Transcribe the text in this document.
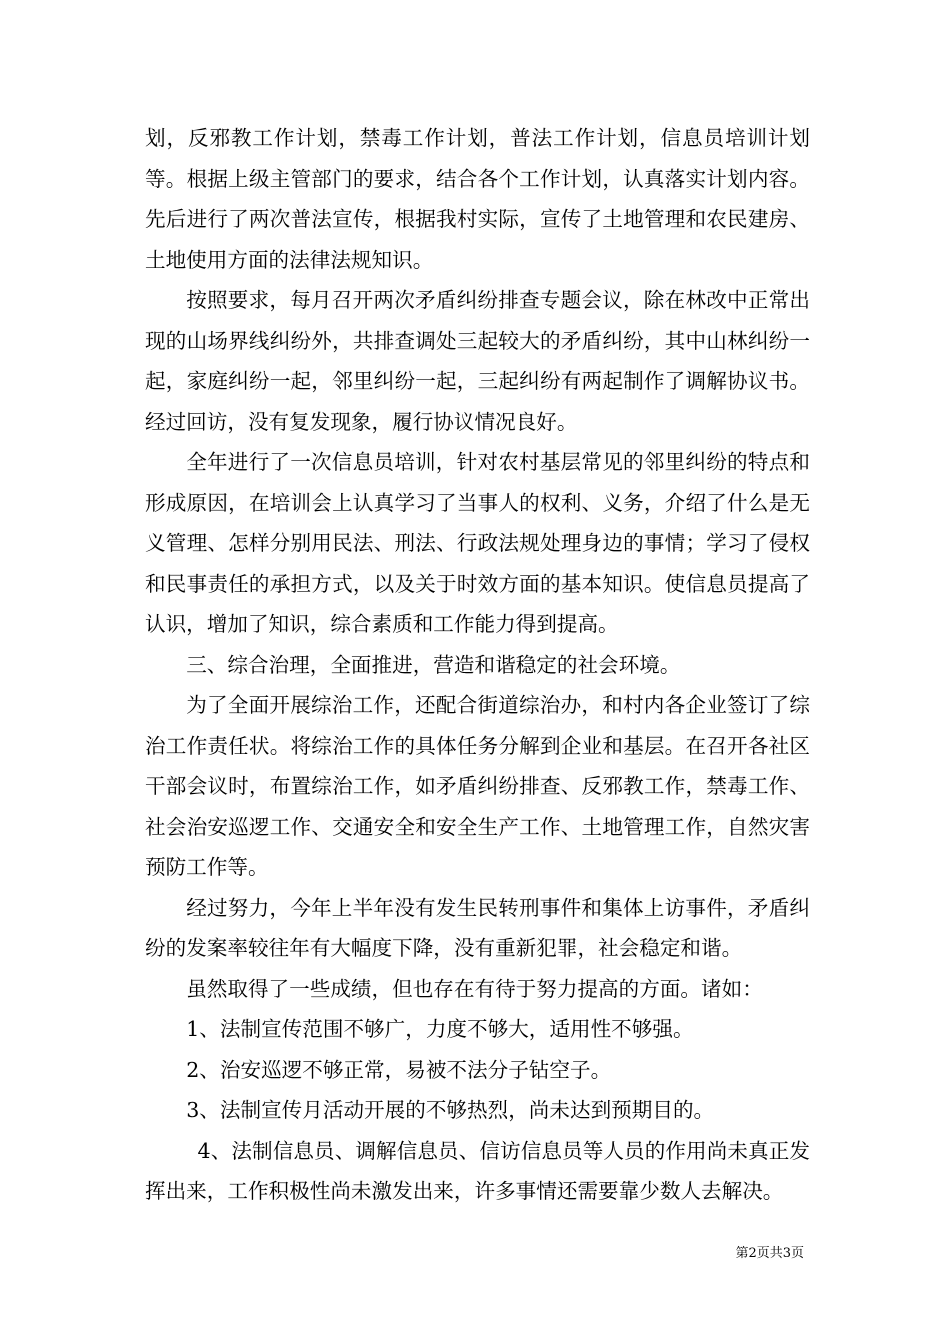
划，反邪教工作计划，禁毒工作计划，普法工作计划，信息员培训计划等。根据上级主管部门的要求，结合各个工作计划，认真落实计划内容。先后进行了两次普法宣传，根据我村实际，宣传了土地管理和农民建房、土地使用方面的法律法规知识。

按照要求，每月召开两次矛盾纠纷排查专题会议，除在林改中正常出现的山场界线纠纷外，共排查调处三起较大的矛盾纠纷，其中山林纠纷一起，家庭纠纷一起，邻里纠纷一起，三起纠纷有两起制作了调解协议书。经过回访，没有复发现象，履行协议情况良好。

全年进行了一次信息员培训，针对农村基层常见的邻里纠纷的特点和形成原因，在培训会上认真学习了当事人的权利、义务，介绍了什么是无义管理、怎样分别用民法、刑法、行政法规处理身边的事情；学习了侵权和民事责任的承担方式，以及关于时效方面的基本知识。使信息员提高了认识，增加了知识，综合素质和工作能力得到提高。

三、综合治理，全面推进，营造和谐稳定的社会环境。

为了全面开展综治工作，还配合街道综治办，和村内各企业签订了综治工作责任状。将综治工作的具体任务分解到企业和基层。在召开各社区干部会议时，布置综治工作，如矛盾纠纷排查、反邪教工作，禁毒工作、社会治安巡逻工作、交通安全和安全生产工作、土地管理工作，自然灾害预防工作等。

经过努力，今年上半年没有发生民转刑事件和集体上访事件，矛盾纠纷的发案率较往年有大幅度下降，没有重新犯罪，社会稳定和谐。

虽然取得了一些成绩，但也存在有待于努力提高的方面。诸如：

1、法制宣传范围不够广，力度不够大，适用性不够强。

2、治安巡逻不够正常，易被不法分子钻空子。

3、法制宣传月活动开展的不够热烈，尚未达到预期目的。

4、法制信息员、调解信息员、信访信息员等人员的作用尚未真正发挥出来，工作积极性尚未激发出来，许多事情还需要靠少数人去解决。

第2页共3页
